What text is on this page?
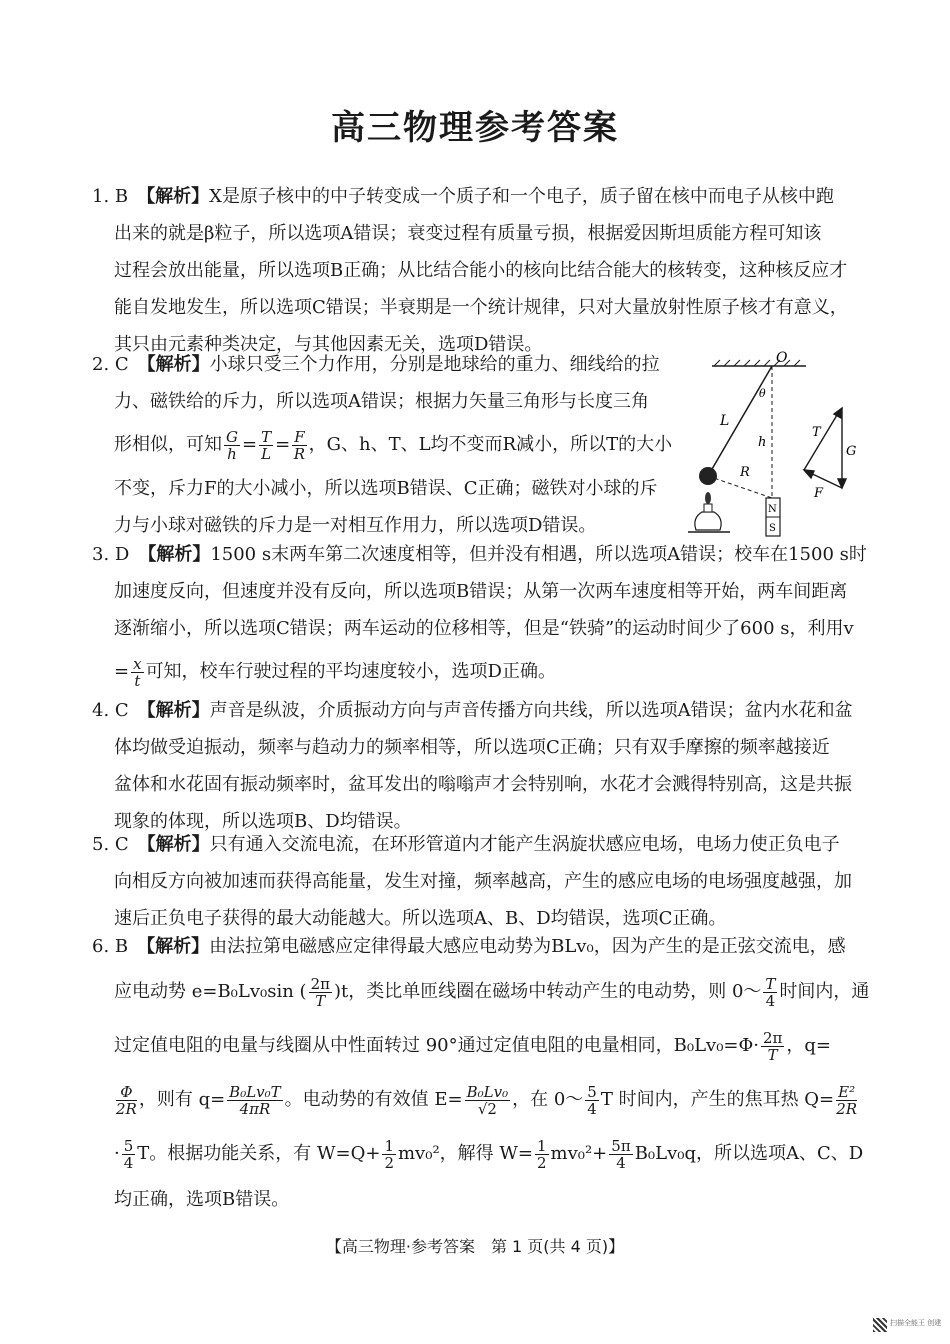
高三物理参考答案
1. B　 【解析】X是原子核中的中子转变成一个质子和一个电子，质子留在核中而电子从核中跑
出来的就是β粒子，所以选项A错误；衰变过程有质量亏损，根据爱因斯坦质能方程可知该
过程会放出能量，所以选项B正确；从比结合能小的核向比结合能大的核转变，这种核反应才
能自发地发生，所以选项C错误；半衰期是一个统计规律，只对大量放射性原子核才有意义，
其只由元素种类决定，与其他因素无关，选项D错误。
2. C　 【解析】小球只受三个力作用，分别是地球给的重力、细线给的拉
力、磁铁给的斥力，所以选项A错误；根据力矢量三角形与长度三角
形相似，可知 $\frac{G}{h} = \frac{T}{L} = \frac{F}{R}$ ，G、h、T、L均不变而R减小，所以T的大小
不变，斥力F的大小减小，所以选项B错误、C正确；磁铁对小球的斥
力与小球对磁铁的斥力是一对相互作用力，所以选项D错误。
O
θ
L
h
R
N
S
T
G
F
3. D　 【解析】1500 s末两车第二次速度相等，但并没有相遇，所以选项A错误；校车在1500 s时
加速度反向，但速度并没有反向，所以选项B错误；从第一次两车速度相等开始，两车间距离
逐渐缩小，所以选项C错误；两车运动的位移相等，但是“铁骑”的运动时间少了600 s，利用v
= $\frac{x}{t}$ 可知，校车行驶过程的平均速度较小，选项D正确。
4. C　 【解析】声音是纵波，介质振动方向与声音传播方向共线，所以选项A错误；盆内水花和盆
体均做受迫振动，频率与趋动力的频率相等，所以选项C正确；只有双手摩擦的频率越接近
盆体和水花固有振动频率时，盆耳发出的嗡嗡声才会特别响，水花才会溅得特别高，这是共振
现象的体现，所以选项B、D均错误。
5. C　 【解析】只有通入交流电流，在环形管道内才能产生涡旋状感应电场，电场力使正负电子
向相反方向被加速而获得高能量，发生对撞，频率越高，产生的感应电场的电场强度越强，加
速后正负电子获得的最大动能越大。所以选项A、B、D均错误，选项C正确。
6. B　 【解析】由法拉第电磁感应定律得最大感应电动势为BLv₀，因为产生的是正弦交流电，感
应电动势 e=B₀Lv₀sin ( $\frac{2\pi}{T} )t$，类比单匝线圈在磁场中转动产生的电动势，则 0～ $\frac{T}{4}$ 时间内，通
过定值电阻的电量与线圈从中性面转过 90°通过定值电阻的电量相同，$B_0Lv_0=\Phi\cdot \frac{2\pi}{T}$ ，q=
$\frac{\Phi}{2R}$ ，则有 $q= \frac{\text{B₀Lv₀T}}{4\pi R}$ 。电动势的有效值 $E= \frac{\text{B₀Lv₀}}{√2}$ ，在 0～ $\frac{5}{4}$ T 时间内，产生的焦耳热 $Q= \frac{\text{E²}}{2R}$
· $\frac{5}{4}$ T。根据功能关系，有 $W=Q+ \frac{1}{2} mv_0^2$，解得 $W= \frac{1}{2} mv_0^2+ \frac{5\pi}{4} B_0Lv_0q$，所以选项A、C、D
均正确，选项B错误。
【高三物理·参考答案　第 1 页(共 4 页)】
扫描全能王 创建
